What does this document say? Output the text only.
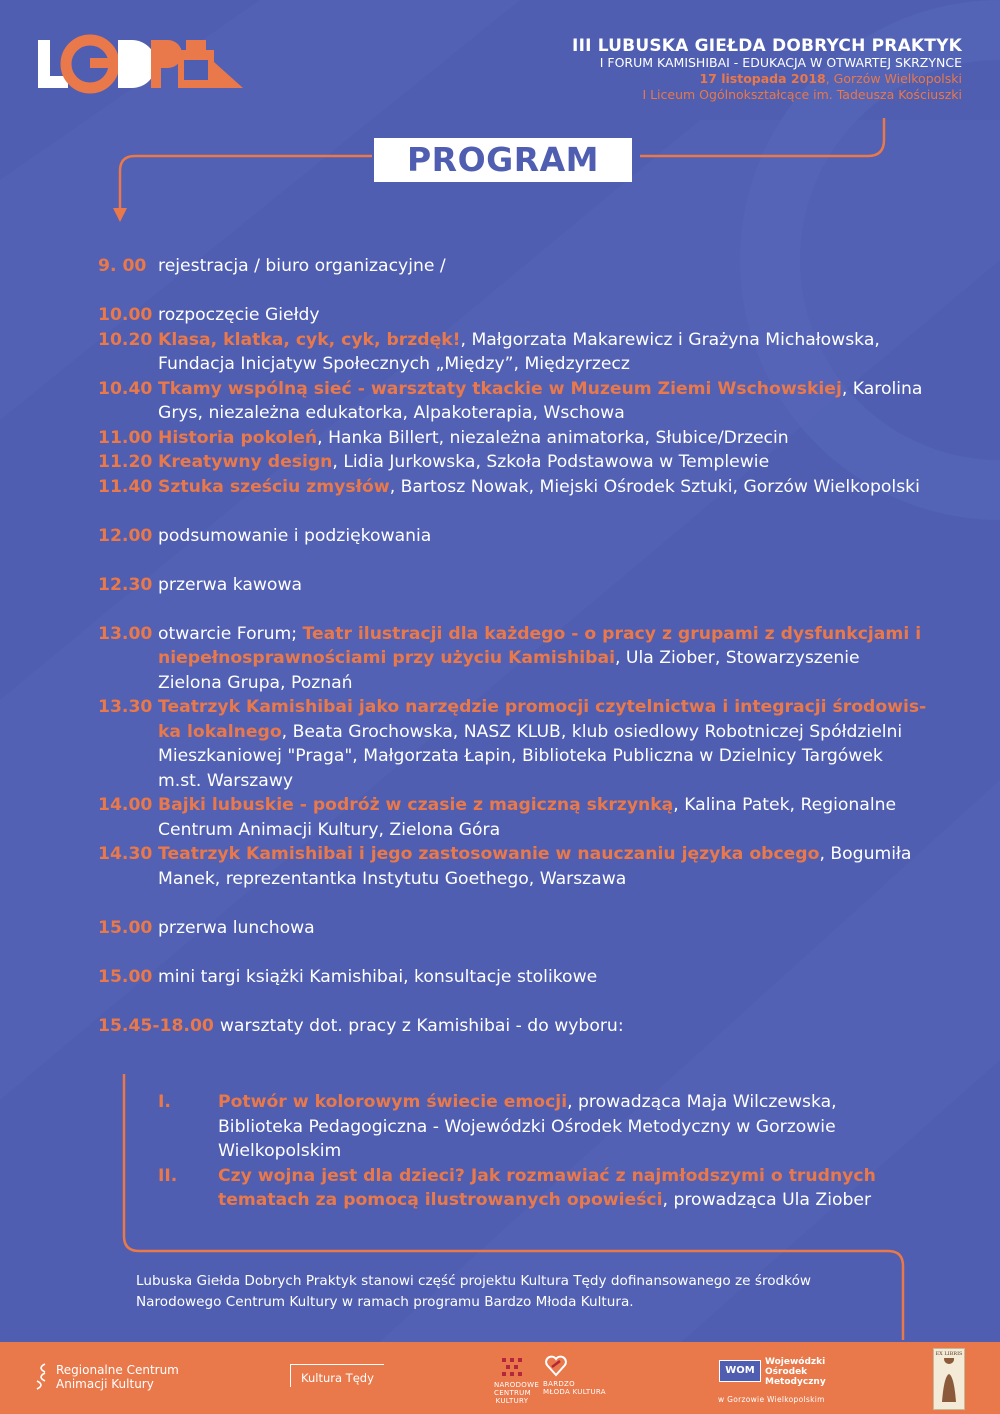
III LUBUSKA GIEŁDA DOBRYCH PRAKTYK
I FORUM KAMISHIBAI - EDUKACJA W OTWARTEJ SKRZYNCE
17 listopada 2018, Gorzów Wielkopolski
I Liceum Ogólnokształcące im. Tadeusza Kościuszki
PROGRAM
9. 00 rejestracja / biuro organizacyjne /
10.00 rozpoczęcie Giełdy
10.20 Klasa, klatka, cyk, cyk, brzdęk!, Małgorzata Makarewicz i Grażyna Michałowska, Fundacja Inicjatyw Społecznych „Między”, Międzyrzecz
10.40 Tkamy wspólną sieć - warsztaty tkackie w Muzeum Ziemi Wschowskiej, Karolina Grys, niezależna edukatorka, Alpakoterapia, Wschowa
11.00 Historia pokoleń, Hanka Billert, niezależna animatorka, Słubice/Drzecin
11.20 Kreatywny design, Lidia Jurkowska, Szkoła Podstawowa w Templewie
11.40 Sztuka sześciu zmysłów, Bartosz Nowak, Miejski Ośrodek Sztuki, Gorzów Wielkopolski
12.00 podsumowanie i podziękowania
12.30 przerwa kawowa
13.00 otwarcie Forum; Teatr ilustracji dla każdego - o pracy z grupami z dysfunkcjami i niepełnosprawnościami przy użyciu Kamishibai, Ula Ziober, Stowarzyszenie Zielona Grupa, Poznań
13.30 Teatrzyk Kamishibai jako narzędzie promocji czytelnictwa i integracji środowis-ka lokalnego, Beata Grochowska, NASZ KLUB, klub osiedlowy Robotniczej Spółdzielni Mieszkaniowej "Praga", Małgorzata Łapin, Biblioteka Publiczna w Dzielnicy Targówek m.st. Warszawy
14.00 Bajki lubuskie - podróż w czasie z magiczną skrzynką, Kalina Patek, Regionalne Centrum Animacji Kultury, Zielona Góra
14.30 Teatrzyk Kamishibai i jego zastosowanie w nauczaniu języka obcego, Bogumiła Manek, reprezentantka Instytutu Goethego, Warszawa
15.00 przerwa lunchowa
15.00 mini targi książki Kamishibai, konsultacje stolikowe
15.45-18.00 warsztaty dot. pracy z Kamishibai - do wyboru:
I.	Potwór w kolorowym świecie emocji, prowadząca Maja Wilczewska, Biblioteka Pedagogiczna - Wojewódzki Ośrodek Metodyczny w Gorzowie Wielkopolskim
II.	Czy wojna jest dla dzieci? Jak rozmawiać z najmłodszymi o trudnych tematach za pomocą ilustrowanych opowieści, prowadząca Ula Ziober
Lubuska Giełda Dobrych Praktyk stanowi część projektu Kultura Tędy dofinansowanego ze środków Narodowego Centrum Kultury w ramach programu Bardzo Młoda Kultura.
Regionalne Centrum
Animacji Kultury	Kultura Tędy	NARODOWE CENTRUM KULTURY
BARDZO
MŁODA KULTURA
WOM
Wojewódzki
Ośrodek
Metodyczny
w Gorzowie Wielkopolskim
EX LIBRIS
